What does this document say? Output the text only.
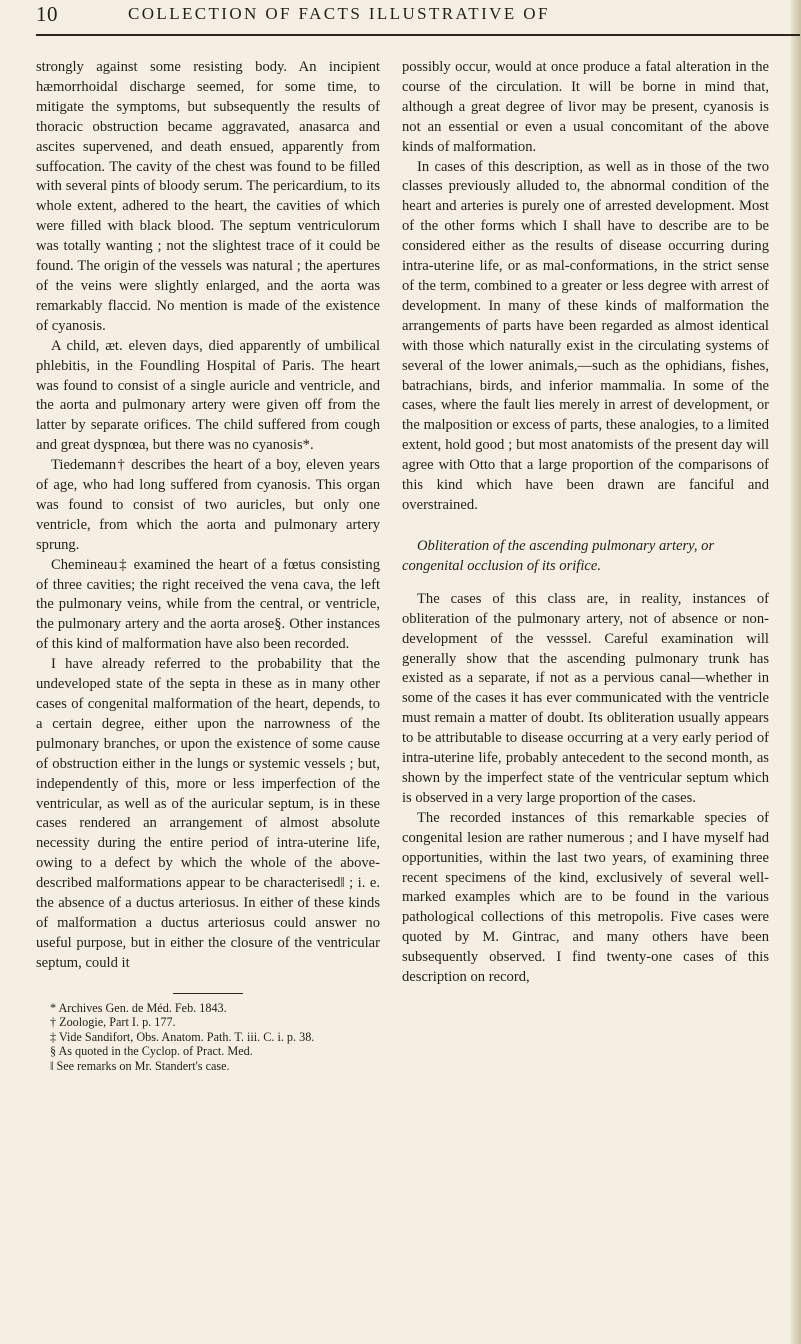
10	COLLECTION OF FACTS ILLUSTRATIVE OF

strongly against some resisting body. An incipient hæmorrhoidal discharge seemed, for some time, to mitigate the symptoms, but subsequently the results of thoracic obstruction became aggravated, anasarca and ascites supervened, and death ensued, apparently from suffocation. The cavity of the chest was found to be filled with several pints of bloody serum. The pericardium, to its whole extent, adhered to the heart, the cavities of which were filled with black blood. The septum ventriculorum was totally wanting ; not the slightest trace of it could be found. The origin of the vessels was natural ; the apertures of the veins were slightly enlarged, and the aorta was remarkably flaccid. No mention is made of the existence of cyanosis.

A child, æt. eleven days, died apparently of umbilical phlebitis, in the Foundling Hospital of Paris. The heart was found to consist of a single auricle and ventricle, and the aorta and pulmonary artery were given off from the latter by separate orifices. The child suffered from cough and great dyspnœa, but there was no cyanosis*.

Tiedemann† describes the heart of a boy, eleven years of age, who had long suffered from cyanosis. This organ was found to consist of two auricles, but only one ventricle, from which the aorta and pulmonary artery sprung.

Chemineau‡ examined the heart of a fœtus consisting of three cavities; the right received the vena cava, the left the pulmonary veins, while from the central, or ventricle, the pulmonary artery and the aorta arose§. Other instances of this kind of malformation have also been recorded.

I have already referred to the probability that the undeveloped state of the septa in these as in many other cases of congenital malformation of the heart, depends, to a certain degree, either upon the narrowness of the pulmonary branches, or upon the existence of some cause of obstruction either in the lungs or systemic vessels ; but, independently of this, more or less imperfection of the ventricular, as well as of the auricular septum, is in these cases rendered an arrangement of almost absolute necessity during the entire period of intra-uterine life, owing to a defect by which the whole of the above-described malformations appear to be characterised‖ ; i. e. the absence of a ductus arteriosus. In either of these kinds of malformation a ductus arteriosus could answer no useful purpose, but in either the closure of the ventricular septum, could it

* Archives Gen. de Méd. Feb. 1843.
† Zoologie, Part I. p. 177.
‡ Vide Sandifort, Obs. Anatom. Path. T. iii. C. i. p. 38.
§ As quoted in the Cyclop. of Pract. Med.
‖ See remarks on Mr. Standert's case.

possibly occur, would at once produce a fatal alteration in the course of the circulation. It will be borne in mind that, although a great degree of livor may be present, cyanosis is not an essential or even a usual concomitant of the above kinds of malformation.

In cases of this description, as well as in those of the two classes previously alluded to, the abnormal condition of the heart and arteries is purely one of arrested development. Most of the other forms which I shall have to describe are to be considered either as the results of disease occurring during intra-uterine life, or as mal-conformations, in the strict sense of the term, combined to a greater or less degree with arrest of development. In many of these kinds of malformation the arrangements of parts have been regarded as almost identical with those which naturally exist in the circulating systems of several of the lower animals,—such as the ophidians, fishes, batrachians, birds, and inferior mammalia. In some of the cases, where the fault lies merely in arrest of development, or the malposition or excess of parts, these analogies, to a limited extent, hold good ; but most anatomists of the present day will agree with Otto that a large proportion of the comparisons of this kind which have been drawn are fanciful and overstrained.

Obliteration of the ascending pulmonary artery, or congenital occlusion of its orifice.

The cases of this class are, in reality, instances of obliteration of the pulmonary artery, not of absence or non-development of the vesssel. Careful examination will generally show that the ascending pulmonary trunk has existed as a separate, if not as a pervious canal—whether in some of the cases it has ever communicated with the ventricle must remain a matter of doubt. Its obliteration usually appears to be attributable to disease occurring at a very early period of intra-uterine life, probably antecedent to the second month, as shown by the imperfect state of the ventricular septum which is observed in a very large proportion of the cases.

The recorded instances of this remarkable species of congenital lesion are rather numerous ; and I have myself had opportunities, within the last two years, of examining three recent specimens of the kind, exclusively of several well-marked examples which are to be found in the various pathological collections of this metropolis. Five cases were quoted by M. Gintrac, and many others have been subsequently observed. I find twenty-one cases of this description on record,
